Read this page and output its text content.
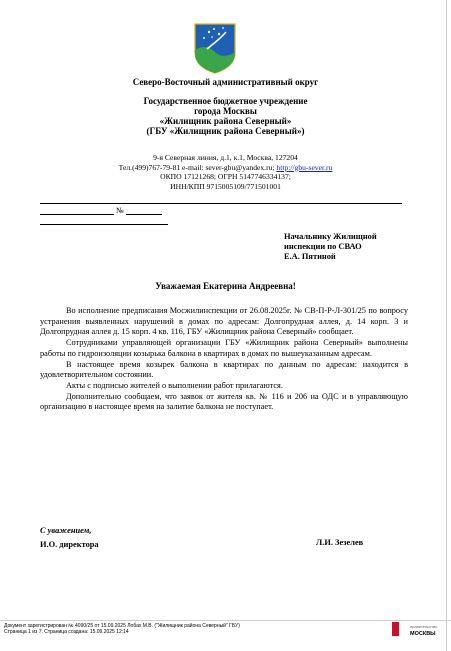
Северо-Восточный административный округ
Государственное бюджетное учреждение
города Москвы
«Жилищник района Северный»
(ГБУ «Жилищник района Северный»)
9-я Северная линия, д.1, к.1, Москва, 127204
Тел.(499)767-79-81 e-mail: sever-gbu@yandex.ru; http://gbu-sever.ru
ОКПО 17121268; ОГРН 5147746334137;
ИНН/КПП 9715005109/771501001
№
Начальнику Жилищной
инспекции по СВАО
Е.А. Пятиной
Уважаемая Екатерина Андреевна!

Во исполнение предписания Мосжилинспекции от 26.08.2025г. № СВ-П-Р-Л-301/25 по вопросу устранения выявленных нарушений в домах по адресам: Долгопрудная аллея, д. 14 корп. 3 и Долгопрудная аллея д. 15 корп. 4 кв. 116, ГБУ «Жилищник района Северный» сообщает.

Сотрудниками управляющей организации ГБУ «Жилищник района Северный» выполнены работы по гидроизоляции козырька балкона в квартирах в домах по вышеуказанным адресам.

В настоящее время козырек балкона в квартирах по данным по адресам: находится в удовлетворительном состоянии.

Акты с подписью жителей о выполнении работ прилагаются.

Дополнительно сообщаем, что заявок от жителя кв. № 116 и 206 на ОДС и в управляющую организацию в настоящее время на залитие балкона не поступает.

С уважением,
И.О. директора	Л.И. Зезелев
Документ зарегистрирован № 4090/25 от 15.09.2025 Лобах М.В. ("Жилищник района Северный" ГБУ)
Страница 1 из 7. Страница создана: 15.09.2025 12:14
правительство
МОСКВЫ
